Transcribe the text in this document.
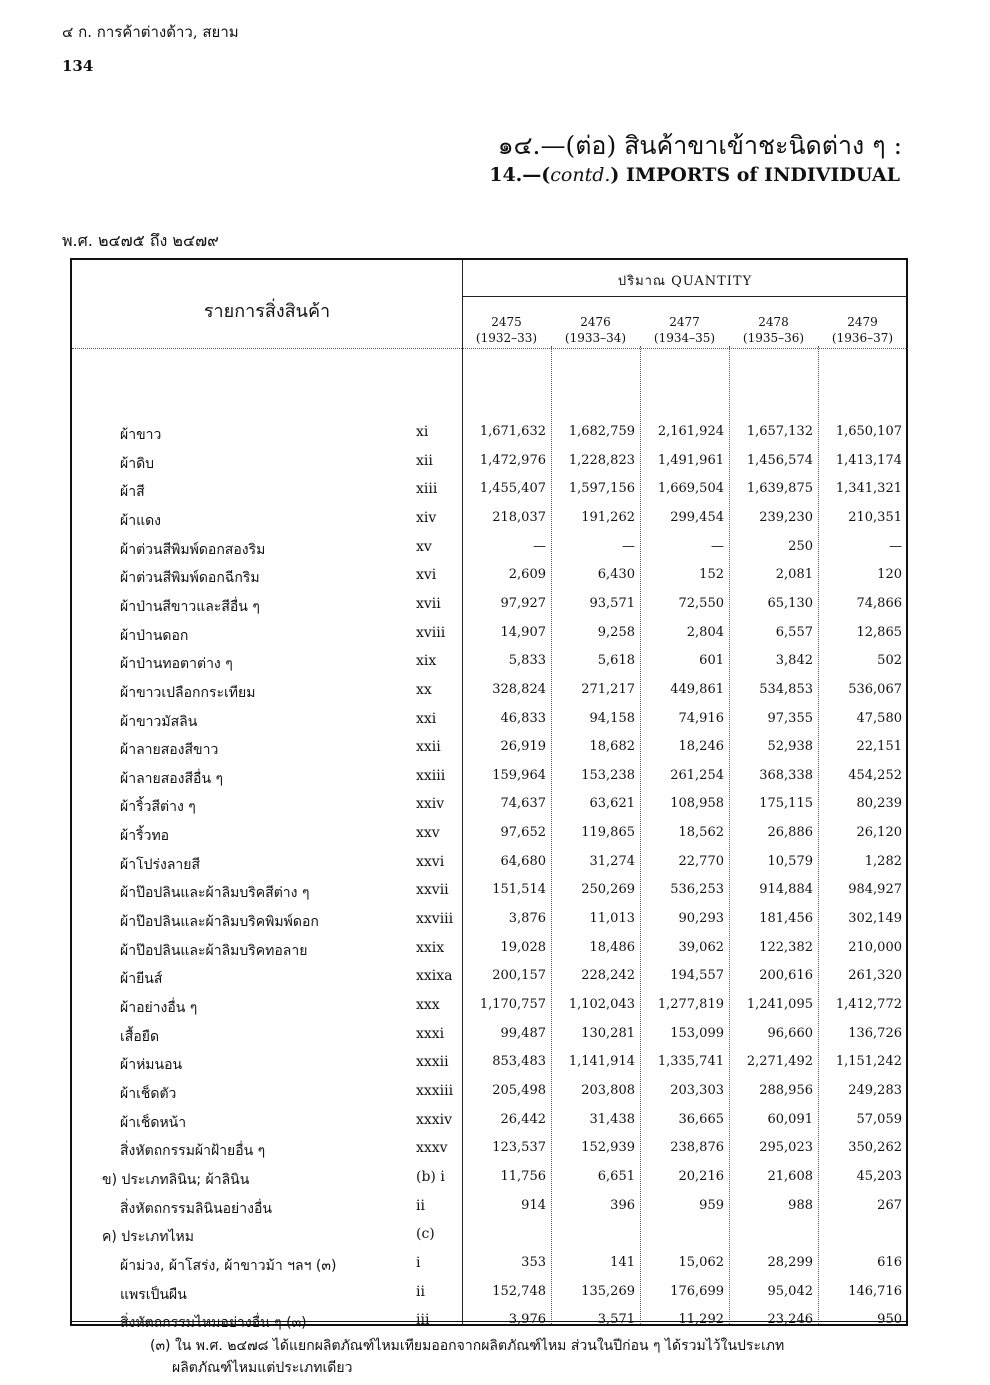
๔ ก. การค้าต่างด้าว, สยาม
134
๑๔.—(ต่อ) สินค้าขาเข้าชะนิดต่าง ๆ :
14.—(contd.) IMPORTS of INDIVIDUAL
พ.ศ. ๒๔๗๕ ถึง ๒๔๗๙
รายการสิ่งสินค้า
ปริมาณ QUANTITY
2475
(1932–33)
2476
(1933–34)
2477
(1934–35)
2478
(1935–36)
2479
(1936–37)
ผ้าขาว	xi	1,671,632	1,682,759	2,161,924	1,657,132	1,650,107
ผ้าดิบ	xii	1,472,976	1,228,823	1,491,961	1,456,574	1,413,174
ผ้าสี	xiii	1,455,407	1,597,156	1,669,504	1,639,875	1,341,321
ผ้าแดง	xiv	218,037	191,262	299,454	239,230	210,351
ผ้าต่วนสีพิมพ์ดอกสองริม	xv	—	—	—	250	—
ผ้าต่วนสีพิมพ์ดอกฉีกริม	xvi	2,609	6,430	152	2,081	120
ผ้าป่านสีขาวและสีอื่น ๆ	xvii	97,927	93,571	72,550	65,130	74,866
ผ้าป่านดอก	xviii	14,907	9,258	2,804	6,557	12,865
ผ้าป่านทอตาต่าง ๆ	xix	5,833	5,618	601	3,842	502
ผ้าขาวเปลือกกระเทียม	xx	328,824	271,217	449,861	534,853	536,067
ผ้าขาวมัสลิน	xxi	46,833	94,158	74,916	97,355	47,580
ผ้าลายสองสีขาว	xxii	26,919	18,682	18,246	52,938	22,151
ผ้าลายสองสีอื่น ๆ	xxiii	159,964	153,238	261,254	368,338	454,252
ผ้าริ้วสีต่าง ๆ	xxiv	74,637	63,621	108,958	175,115	80,239
ผ้าริ้วทอ	xxv	97,652	119,865	18,562	26,886	26,120
ผ้าโปร่งลายสี	xxvi	64,680	31,274	22,770	10,579	1,282
ผ้าป๊อปลินและผ้าลิมบริคสีต่าง ๆ	xxvii	151,514	250,269	536,253	914,884	984,927
ผ้าป๊อปลินและผ้าลิมบริคพิมพ์ดอก	xxviii	3,876	11,013	90,293	181,456	302,149
ผ้าป๊อปลินและผ้าลิมบริคทอลาย	xxix	19,028	18,486	39,062	122,382	210,000
ผ้ายีนส์	xxixa	200,157	228,242	194,557	200,616	261,320
ผ้าอย่างอื่น ๆ	xxx	1,170,757	1,102,043	1,277,819	1,241,095	1,412,772
เสื้อยืด	xxxi	99,487	130,281	153,099	96,660	136,726
ผ้าห่มนอน	xxxii	853,483	1,141,914	1,335,741	2,271,492	1,151,242
ผ้าเช็ดตัว	xxxiii	205,498	203,808	203,303	288,956	249,283
ผ้าเช็ดหน้า	xxxiv	26,442	31,438	36,665	60,091	57,059
สิ่งหัตถกรรมผ้าฝ้ายอื่น ๆ	xxxv	123,537	152,939	238,876	295,023	350,262
ข) ประเภทลินิน; ผ้าลินิน	(b) i	11,756	6,651	20,216	21,608	45,203
สิ่งหัตถกรรมลินินอย่างอื่น	ii	914	396	959	988	267
ค) ประเภทไหม	(c)
ผ้าม่วง, ผ้าโสร่ง, ผ้าขาวม้า ฯลฯ (๓)	i	353	141	15,062	28,299	616
แพรเป็นผืน	ii	152,748	135,269	176,699	95,042	146,716
สิ่งหัตถกรรมไหมอย่างอื่น ๆ (๓)	iii	3,976	3,571	11,292	23,246	950
(๓) ใน พ.ศ. ๒๔๗๘ ได้แยกผลิตภัณฑ์ไหมเทียมออกจากผลิตภัณฑ์ไหม ส่วนในปีก่อน ๆ ได้รวมไว้ในประเภท
ผลิตภัณฑ์ไหมแต่ประเภทเดียว
